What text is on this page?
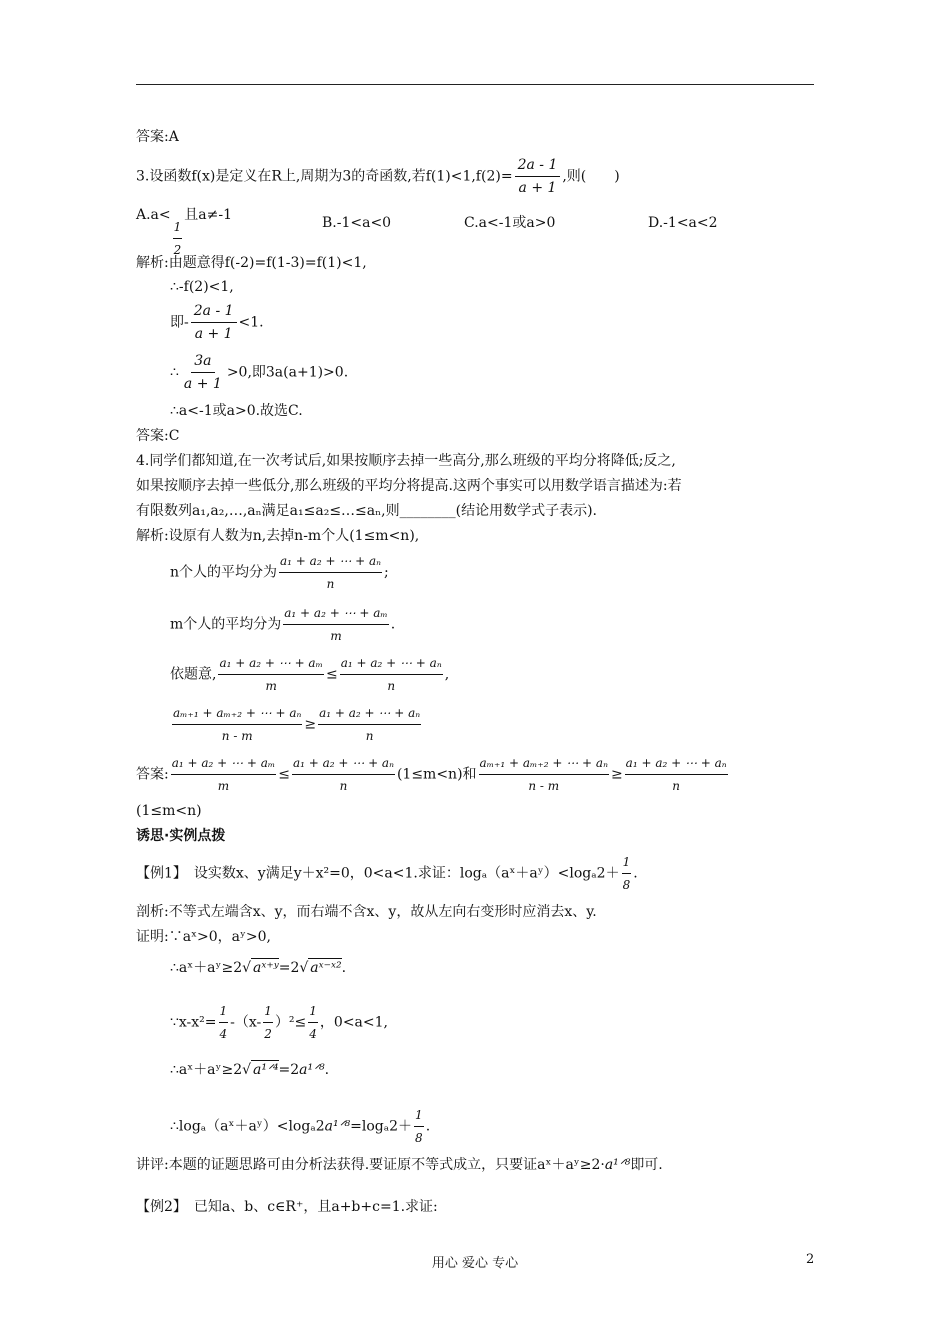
答案:A
3.设函数f(x)是定义在R上,周期为3的奇函数,若$f(1)<1,f(2)= \frac{2a - 1}{a + 1}$ ,则(　　)
A.a<
$\frac{1}{2}$
且a≠-1	B.-1<a<0	C.a<-1或a>0	D.-1<a<2
解析:由题意得f(-2)=f(1-3)=f(1)<1,
∴-f(2)<1,
即- $\frac{2a - 1}{a + 1} <1$.
∴ $\frac{3a}{a + 1} >0$,即3a(a+1)>0.
∴a<-1或a>0.故选C.
答案:C
4.同学们都知道,在一次考试后,如果按顺序去掉一些高分,那么班级的平均分将降低;反之,
如果按顺序去掉一些低分,那么班级的平均分将提高.这两个事实可以用数学语言描述为:若
有限数列a₁,a₂,…,aₙ满足a₁≤a₂≤…≤aₙ,则________(结论用数学式子表示).
解析:设原有人数为n,去掉n-m个人(1≤m<n),
n个人的平均分为 $\frac{\text{a₁ + a₂ + ⋯ + aₙ}}{n}$ ;
m个人的平均分为 $\frac{\text{a₁ + a₂ + ⋯ + aₘ}}{m}$ .
依题意, $\frac{\text{a₁ + a₂ + ⋯ + aₘ}}{m} \le \frac{\text{a₁ + a₂ + ⋯ + aₙ}}{n}$ ,
$\frac{\text{aₘ₊₁ + aₘ₊₂ + ⋯ + aₙ}}{n - m} \ge \frac{\text{a₁ + a₂ + ⋯ + aₙ}}{n}$
答案: $\frac{\text{a₁ + a₂ + ⋯ + aₘ}}{m} \le \frac{\text{a₁ + a₂ + ⋯ + aₙ}}{n} (1\le m<n)$和 $\frac{\text{aₘ₊₁ + aₘ₊₂ + ⋯ + aₙ}}{n - m} \ge \frac{\text{a₁ + a₂ + ⋯ + aₙ}}{n}$
(1≤m<n)
诱思·实例点拨
【例1】　设实数x、y满足y＋x²=0，0<a<1.求证：logₐ（aˣ＋aʸ）<logₐ2＋ $\frac{1}{8}$ .
剖析:不等式左端含x、y，而右端不含x、y，故从左向右变形时应消去x、y.
证明:∵aˣ>0，aʸ>0,
∴aˣ＋aʸ≥2√ aˣ⁺ʸ=2√ aˣ⁻ˣ².
∵x-x²= $\frac{1}{4} -(x- \frac{1}{2} )^2\le \frac{1}{4}$ ，0<a<1,
∴aˣ＋aʸ≥2√ a¹ᐟ⁴=2a¹ᐟ⁸.
∴logₐ（aˣ＋aʸ）<logₐ2a¹ᐟ⁸=logₐ2＋ $\frac{1}{8}$ .
讲评:本题的证题思路可由分析法获得.要证原不等式成立，只要证aˣ＋aʸ≥2·a¹ᐟ⁸即可.
【例2】　已知a、b、c∈R⁺，且a+b+c=1.求证:
用心 爱心 专心	2
